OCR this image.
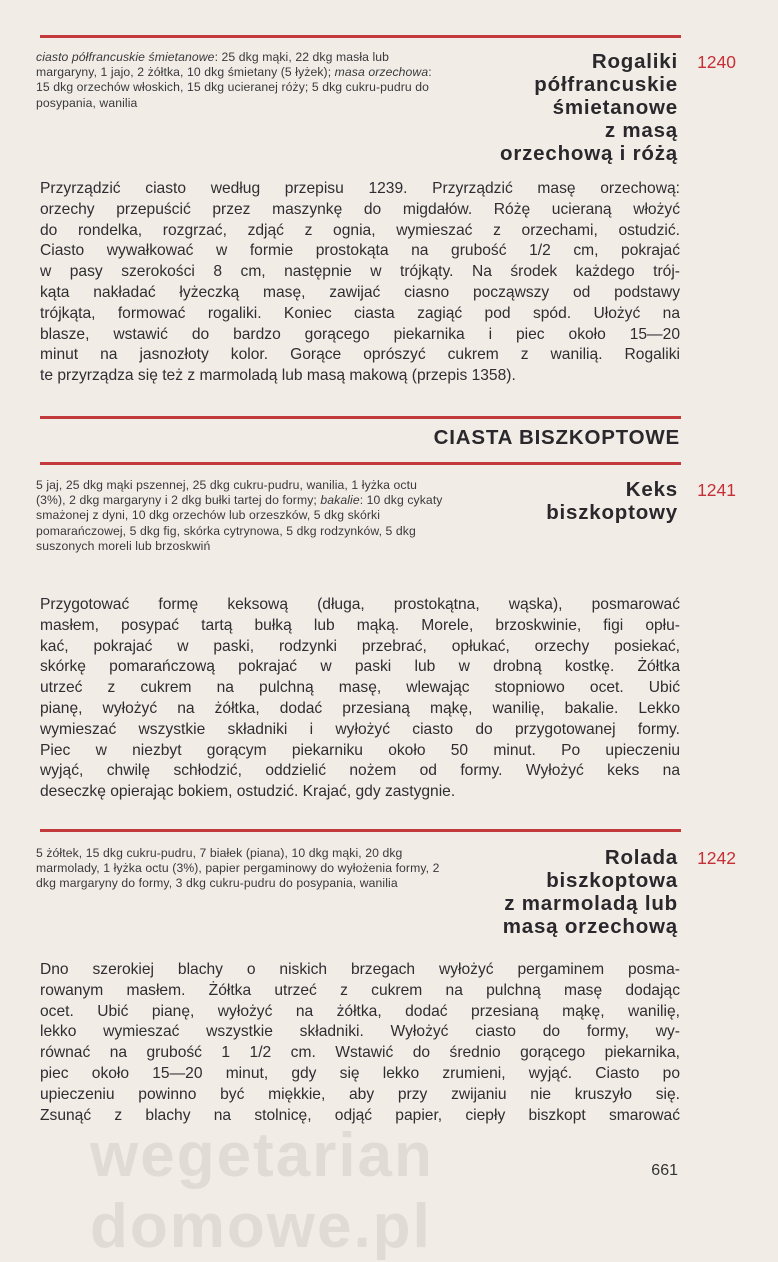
ciasto półfrancuskie śmietanowe: 25 dkg mąki, 22 dkg masła lub margaryny, 1 jajo, 2 żółtka, 10 dkg śmietany (5 łyżek); masa orzechowa: 15 dkg orzechów włoskich, 15 dkg ucieranej róży; 5 dkg cukru-pudru do posypania, wanilia
Rogaliki
półfrancuskie
śmietanowe
z masą
orzechową i różą
1240
Przyrządzić ciasto według przepisu 1239. Przyrządzić masę orzechową:
orzechy przepuścić przez maszynkę do migdałów. Różę ucieraną włożyć
do rondelka, rozgrzać, zdjąć z ognia, wymieszać z orzechami, ostudzić.
Ciasto wywałkować w formie prostokąta na grubość 1/2 cm, pokrajać
w pasy szerokości 8 cm, następnie w trójkąty. Na środek każdego trój-
kąta nakładać łyżeczką masę, zawijać ciasno począwszy od podstawy
trójkąta, formować rogaliki. Koniec ciasta zagiąć pod spód. Ułożyć na
blasze, wstawić do bardzo gorącego piekarnika i piec około 15—20
minut na jasnozłoty kolor. Gorące oprószyć cukrem z wanilią. Rogaliki
te przyrządza się też z marmoladą lub masą makową (przepis 1358).
CIASTA BISZKOPTOWE
5 jaj, 25 dkg mąki pszennej, 25 dkg cukru-pudru, wanilia, 1 łyżka octu (3%), 2 dkg margaryny i 2 dkg bułki tartej do formy; bakalie: 10 dkg cykaty smażonej z dyni, 10 dkg orzechów lub orzeszków, 5 dkg skórki pomarańczowej, 5 dkg fig, skórka cytrynowa, 5 dkg rodzynków, 5 dkg suszonych moreli lub brzoskwiń
Keks
biszkoptowy
1241
Przygotować formę keksową (długa, prostokątna, wąska), posmarować
masłem, posypać tartą bułką lub mąką. Morele, brzoskwinie, figi opłu-
kać, pokrajać w paski, rodzynki przebrać, opłukać, orzechy posiekać,
skórkę pomarańczową pokrajać w paski lub w drobną kostkę. Żółtka
utrzeć z cukrem na pulchną masę, wlewając stopniowo ocet. Ubić
pianę, wyłożyć na żółtka, dodać przesianą mąkę, wanilię, bakalie. Lekko
wymieszać wszystkie składniki i wyłożyć ciasto do przygotowanej formy.
Piec w niezbyt gorącym piekarniku około 50 minut. Po upieczeniu
wyjąć, chwilę schłodzić, oddzielić nożem od formy. Wyłożyć keks na
deseczkę opierając bokiem, ostudzić. Krajać, gdy zastygnie.
5 żółtek, 15 dkg cukru-pudru, 7 białek (piana), 10 dkg mąki, 20 dkg marmolady, 1 łyżka octu (3%), papier pergaminowy do wyłożenia formy, 2 dkg margaryny do formy, 3 dkg cukru-pudru do posypania, wanilia
Rolada
biszkoptowa
z marmoladą lub
masą orzechową
1242
Dno szerokiej blachy o niskich brzegach wyłożyć pergaminem posma-
rowanym masłem. Żółtka utrzeć z cukrem na pulchną masę dodając
ocet. Ubić pianę, wyłożyć na żółtka, dodać przesianą mąkę, wanilię,
lekko wymieszać wszystkie składniki. Wyłożyć ciasto do formy, wy-
równać na grubość 1 1/2 cm. Wstawić do średnio gorącego piekarnika,
piec około 15—20 minut, gdy się lekko zrumieni, wyjąć. Ciasto po
upieczeniu powinno być miękkie, aby przy zwijaniu nie kruszyło się.
Zsunąć z blachy na stolnicę, odjąć papier, ciepły biszkopt smarować
wegetarian domowe.pl
661
